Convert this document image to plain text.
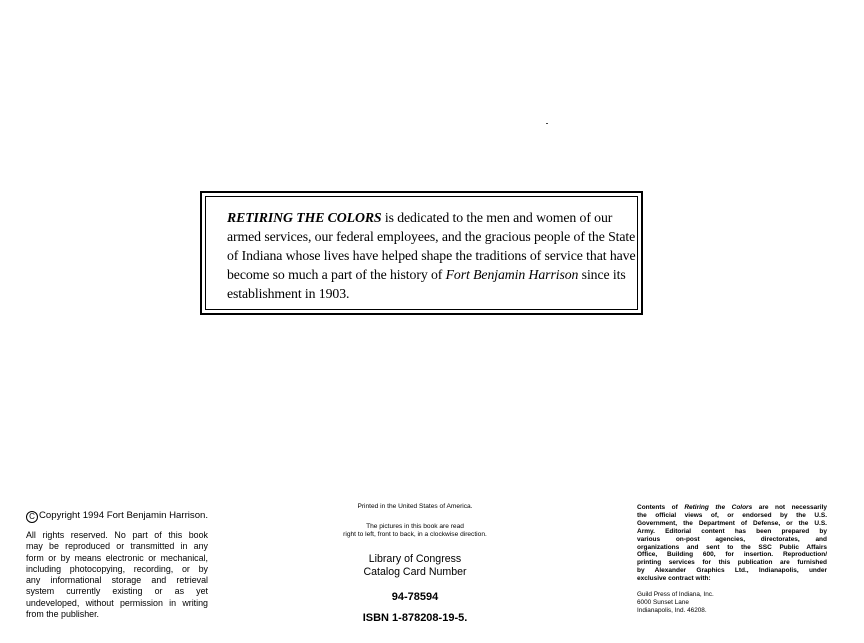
RETIRING THE COLORS is dedicated to the men and women of our armed services, our federal employees, and the gracious people of the State of Indiana whose lives have helped shape the traditions of service that have become so much a part of the history of Fort Benjamin Harrison since its establishment in 1903.
C Copyright 1994 Fort Benjamin Harrison.
All rights reserved. No part of this book
may be reproduced or transmitted in any
form or by means electronic or mechanical,
including photocopying, recording, or by
any informational storage and retrieval
system currently existing or as yet
undeveloped, without permission in writing
from the publisher.

Printed in the United States of America.

The pictures in this book are read
right to left, front to back, in a clockwise direction.

Library of Congress
Catalog Card Number

94-78594

ISBN 1-878208-19-5.

Contents of Retiring the Colors are not necessarily
the official views of, or endorsed by the U.S.
Government, the Department of Defense, or the U.S.
Army. Editorial content has been prepared by
various on-post agencies, directorates, and
organizations and sent to the SSC Public Affairs
Office, Building 600, for insertion. Reproduction/
printing services for this publication are furnished
by Alexander Graphics Ltd., Indianapolis, under
exclusive contract with:
Guild Press of Indiana, Inc.
6000 Sunset Lane
Indianapolis, Ind. 46208.
